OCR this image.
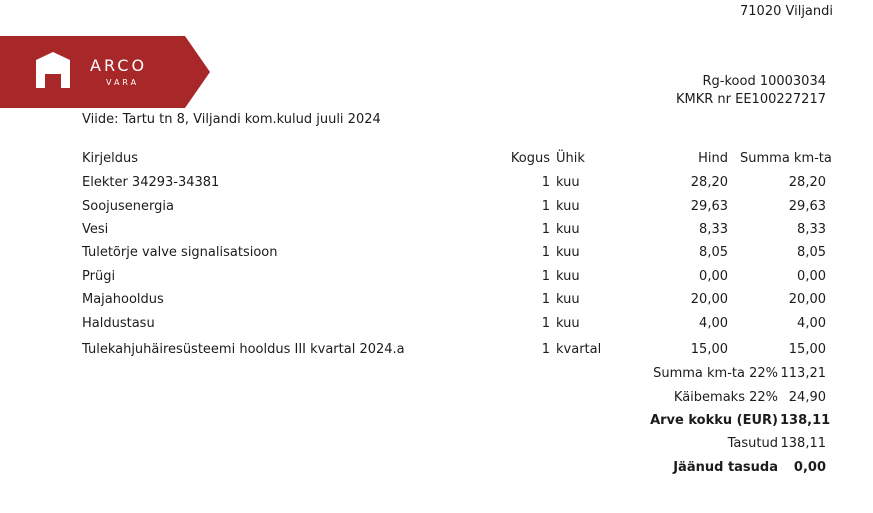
71020 Viljandi
Rg-kood 10003034
KMKR nr EE100227217
ARCO
VARA
Viide: Tartu tn 8, Viljandi kom.kulud juuli 2024
Kirjeldus	Kogus Ühik	Hind Summa km-ta
Elekter 34293-34381	1 kuu	28,20	28,20
Soojusenergia	1 kuu	29,63	29,63
Vesi	1 kuu	8,33	8,33
Tuletõrje valve signalisatsioon	1 kuu	8,05	8,05
Prügi	1 kuu	0,00	0,00
Majahooldus	1 kuu	20,00	20,00
Haldustasu	1 kuu	4,00	4,00
Tulekahjuhäiresüsteemi hooldus III kvartal 2024.a	1 kvartal	15,00	15,00
Summa km-ta 22% 113,21
Käibemaks 22% 24,90
Arve kokku (EUR) 138,11
Tasutud 138,11
Jäänud tasuda	0,00
